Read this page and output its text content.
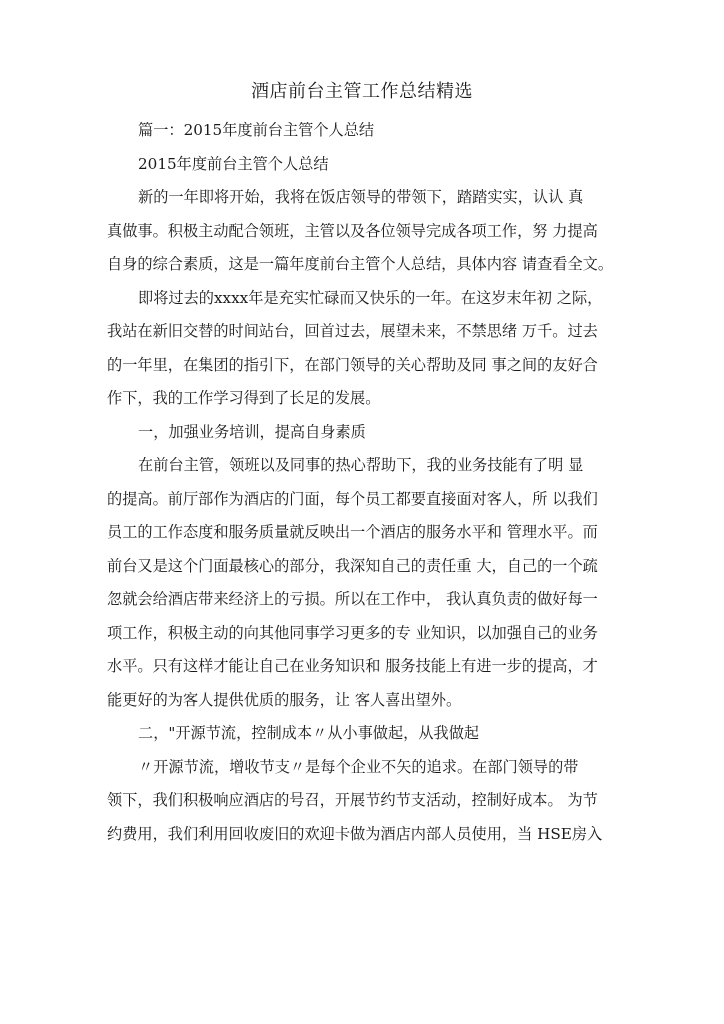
酒店前台主管工作总结精选

篇一：2015年度前台主管个人总结

2015年度前台主管个人总结

新的一年即将开始，我将在饭店领导的带领下，踏踏实实，认认 真
真做事。积极主动配合领班，主管以及各位领导完成各项工作，努 力提高
自身的综合素质，这是一篇年度前台主管个人总结，具体内容 请查看全文。

即将过去的xxxx年是充实忙碌而又快乐的一年。在这岁末年初 之际，
我站在新旧交替的时间站台，回首过去，展望未来，不禁思绪 万千。过去
的一年里，在集团的指引下，在部门领导的关心帮助及同 事之间的友好合
作下，我的工作学习得到了长足的发展。

一，加强业务培训，提高自身素质

在前台主管，领班以及同事的热心帮助下，我的业务技能有了明 显
的提高。前厅部作为酒店的门面，每个员工都要直接面对客人，所 以我们
员工的工作态度和服务质量就反映出一个酒店的服务水平和 管理水平。而
前台又是这个门面最核心的部分，我深知自己的责任重 大，自己的一个疏
忽就会给酒店带来经济上的亏损。所以在工作中， 我认真负责的做好每一
项工作，积极主动的向其他同事学习更多的专 业知识，以加强自己的业务
水平。只有这样才能让自己在业务知识和 服务技能上有进一步的提高，才
能更好的为客人提供优质的服务，让 客人喜出望外。

二，"开源节流，控制成本〃从小事做起，从我做起

〃开源节流，增收节支〃是每个企业不矢的追求。在部门领导的带
领下，我们积极响应酒店的号召，开展节约节支活动，控制好成本。 为节
约费用，我们利用回收废旧的欢迎卡做为酒店内部人员使用，当 HSE房入
